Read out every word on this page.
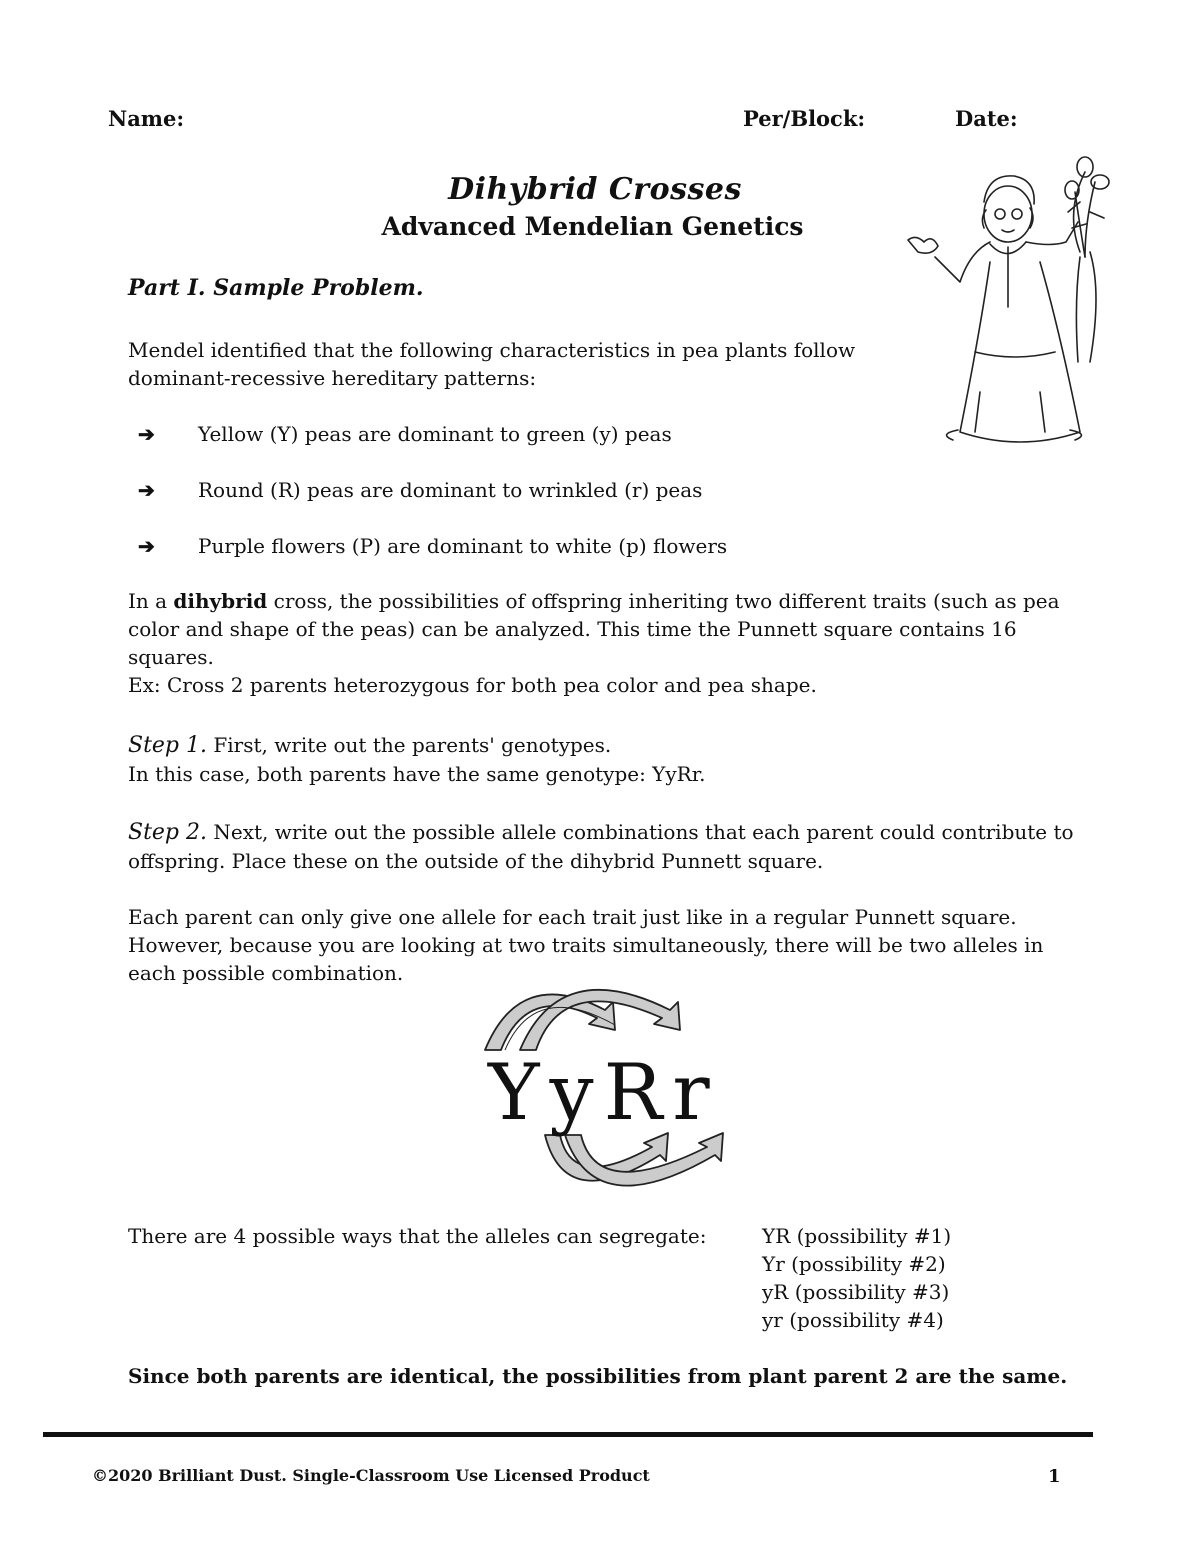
Name:	Per/Block:	Date:
Dihybrid Crosses
Advanced Mendelian Genetics
Part I. Sample Problem.
Mendel identified that the following characteristics in pea plants follow
dominant-recessive hereditary patterns:
➔	Yellow (Y) peas are dominant to green (y) peas
➔	Round (R) peas are dominant to wrinkled (r) peas
➔	Purple flowers (P) are dominant to white (p) flowers
In a dihybrid cross, the possibilities of offspring inheriting two different traits (such as pea
color and shape of the peas) can be analyzed. This time the Punnett square contains 16
squares.
Ex: Cross 2 parents heterozygous for both pea color and pea shape.
Step 1. First, write out the parents' genotypes.
In this case, both parents have the same genotype: YyRr.
Step 2. Next, write out the possible allele combinations that each parent could contribute to
offspring. Place these on the outside of the dihybrid Punnett square.
Each parent can only give one allele for each trait just like in a regular Punnett square.
However, because you are looking at two traits simultaneously, there will be two alleles in
each possible combination.
YyRr
There are 4 possible ways that the alleles can segregate:	YR (possibility #1)
Yr (possibility #2)
yR (possibility #3)
yr (possibility #4)
Since both parents are identical, the possibilities from plant parent 2 are the same.
©2020 Brilliant Dust. Single-Classroom Use Licensed Product	1
